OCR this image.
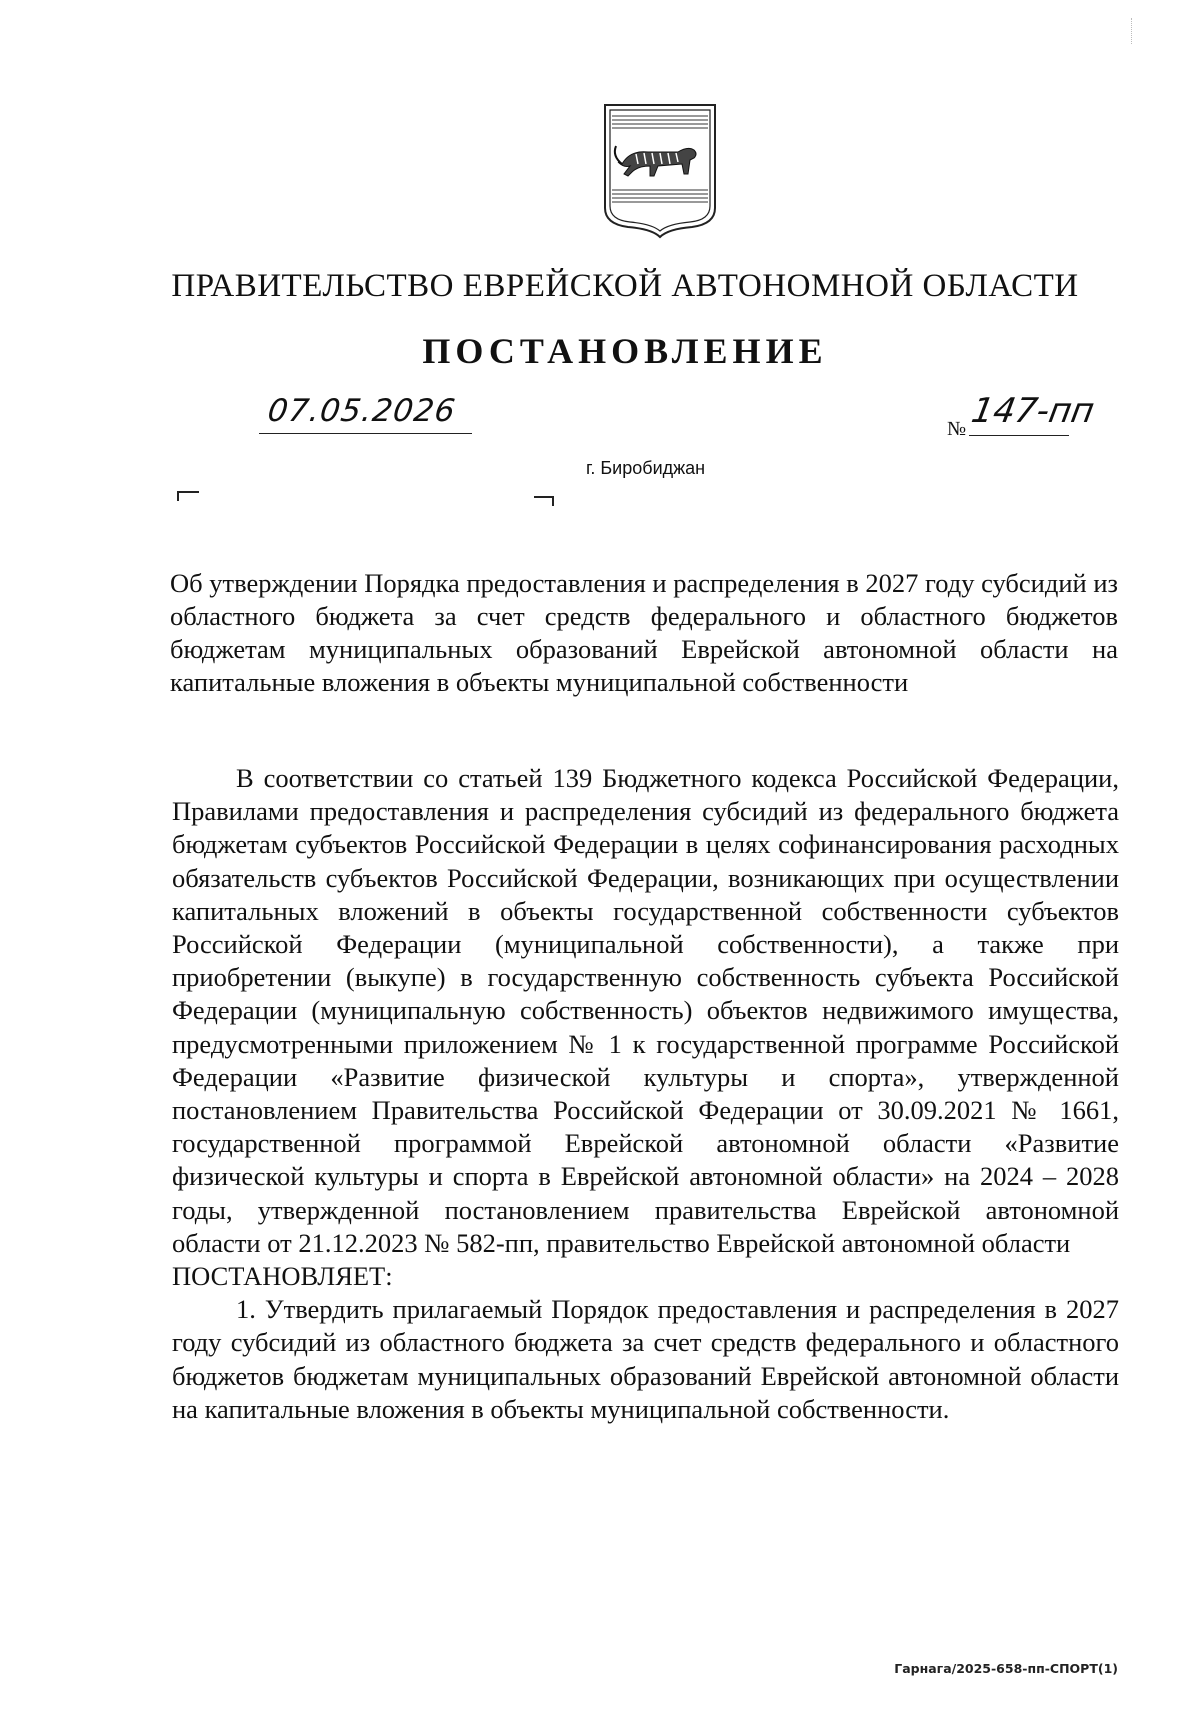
ПРАВИТЕЛЬСТВО ЕВРЕЙСКОЙ АВТОНОМНОЙ ОБЛАСТИ
ПОСТАНОВЛЕНИЕ
07.05.2026	№ 147-пп
г. Биробиджан
Об утверждении Порядка предоставления и распределения в 2027 году субсидий из областного бюджета за счет средств федерального и областного бюджетов бюджетам муниципальных образований Еврейской автономной области на капитальные вложения в объекты муниципальной собственности

В соответствии со статьей 139 Бюджетного кодекса Российской Федерации, Правилами предоставления и распределения субсидий из федерального бюджета бюджетам субъектов Российской Федерации в целях софинансирования расходных обязательств субъектов Российской Федерации, возникающих при осуществлении капитальных вложений в объекты государственной собственности субъектов Российской Федерации (муниципальной собственности), а также при приобретении (выкупе) в государственную собственность субъекта Российской Федерации (муниципальную собственность) объектов недвижимого имущества, предусмотренными приложением № 1 к государственной программе Российской Федерации «Развитие физической культуры и спорта», утвержденной постановлением Правительства Российской Федерации от 30.09.2021 № 1661, государственной программой Еврейской автономной области «Развитие физической культуры и спорта в Еврейской автономной области» на 2024 – 2028 годы, утвержденной постановлением правительства Еврейской автономной области от 21.12.2023 № 582-пп, правительство Еврейской автономной области

ПОСТАНОВЛЯЕТ:

1. Утвердить прилагаемый Порядок предоставления и распределения в 2027 году субсидий из областного бюджета за счет средств федерального и областного бюджетов бюджетам муниципальных образований Еврейской автономной области на капитальные вложения в объекты муниципальной собственности.

Гарнага/2025-658-пп-СПОРТ(1)
